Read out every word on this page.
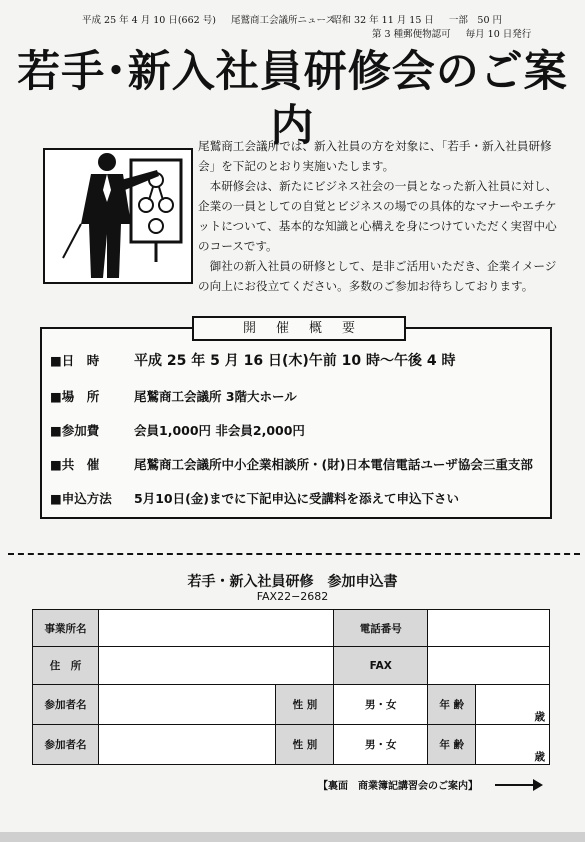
平成 25 年 4 月 10 日(662 号) 尾鷲商工会議所ニュース
昭和 32 年 11 月 15 日 一部　50 円
第 3 種郵便物認可 毎月 10 日発行
若手･新入社員研修会のご案内

尾鷲商工会議所では、新入社員の方を対象に、「若手・新入社員研修会」を下記のとおり実施いたします。

本研修会は、新たにビジネス社会の一員となった新入社員に対し、企業の一員としての自覚とビジネスの場での具体的なマナーやエチケットについて、基本的な知識と心構えを身につけていただく実習中心のコースです。

御社の新入社員の研修として、是非ご活用いただき、企業イメージの向上にお役立てください。多数のご参加お待ちしております。

開催概要
■日　時 平成 25 年 5 月 16 日(木)午前 10 時～午後 4 時
■場　所	尾鷲商工会議所 3階大ホール
■参加費	会員1,000円 非会員2,000円
■共　催	尾鷲商工会議所中小企業相談所・(財)日本電信電話ユーザ協会三重支部
■申込方法 5月10日(金)までに下記申込に受講料を添えて申込下さい
若手・新入社員研修　参加申込書
FAX22−2682
事業所名			電話番号		
住　所			FAX		
参加者名		性 別	男・女	年 齢	歳
参加者名		性 別	男・女	年 齢	歳
【裏面　商業簿記講習会のご案内】
